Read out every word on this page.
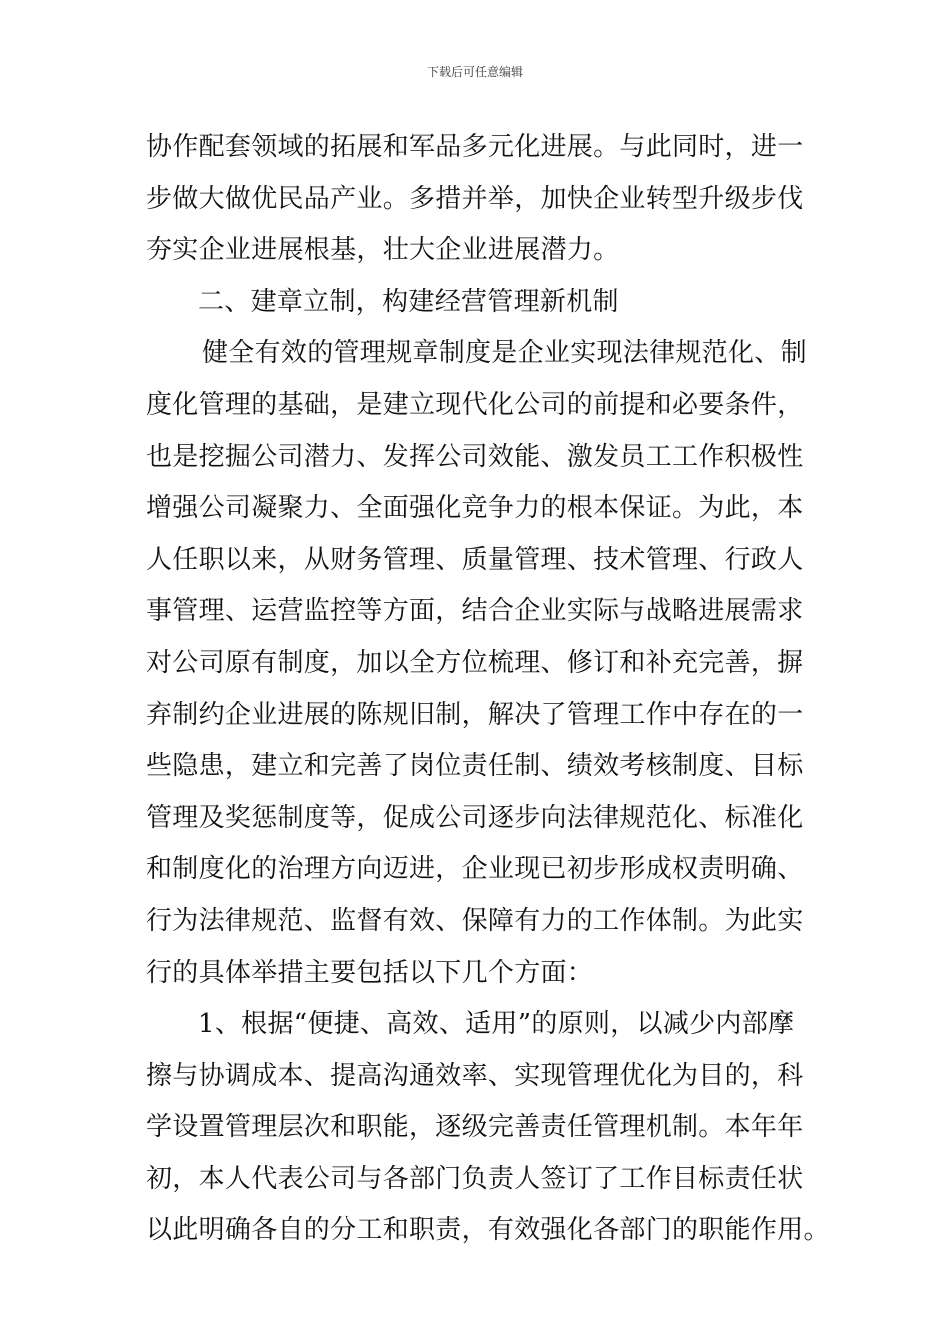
下载后可任意编辑
协作配套领域的拓展和军品多元化进展。与此同时，进一
步做大做优民品产业。多措并举，加快企业转型升级步伐
夯实企业进展根基，壮大企业进展潜力。
二、建章立制，构建经营管理新机制
健全有效的管理规章制度是企业实现法律规范化、制
度化管理的基础，是建立现代化公司的前提和必要条件，
也是挖掘公司潜力、发挥公司效能、激发员工工作积极性
增强公司凝聚力、全面强化竞争力的根本保证。为此，本
人任职以来，从财务管理、质量管理、技术管理、行政人
事管理、运营监控等方面，结合企业实际与战略进展需求
对公司原有制度，加以全方位梳理、修订和补充完善，摒
弃制约企业进展的陈规旧制，解决了管理工作中存在的一
些隐患，建立和完善了岗位责任制、绩效考核制度、目标
管理及奖惩制度等，促成公司逐步向法律规范化、标准化
和制度化的治理方向迈进，企业现已初步形成权责明确、
行为法律规范、监督有效、保障有力的工作体制。为此实
行的具体举措主要包括以下几个方面：
1、根据“便捷、高效、适用”的原则，以减少内部摩
擦与协调成本、提高沟通效率、实现管理优化为目的，科
学设置管理层次和职能，逐级完善责任管理机制。本年年
初，本人代表公司与各部门负责人签订了工作目标责任状
以此明确各自的分工和职责，有效强化各部门的职能作用。
